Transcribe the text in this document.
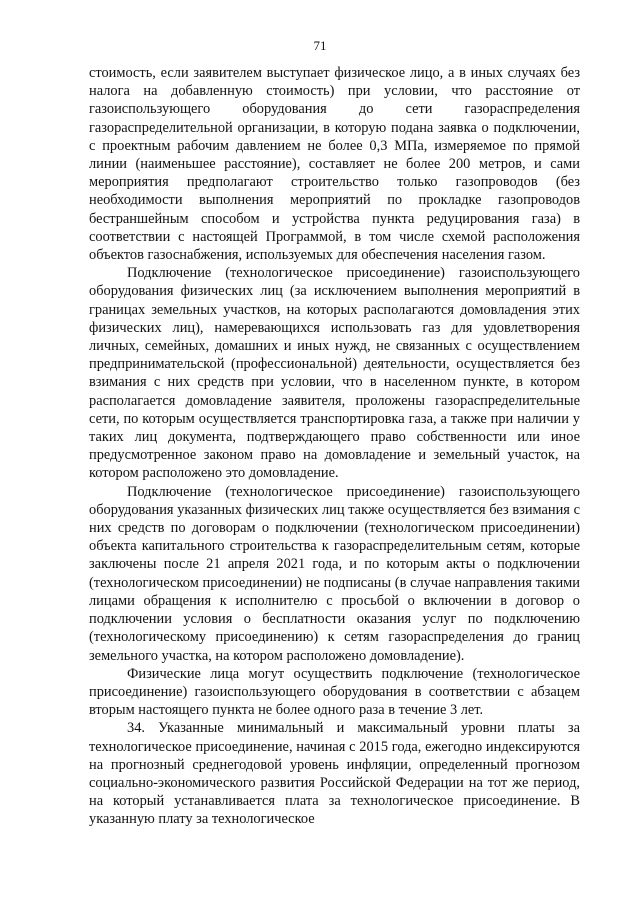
71

стоимость, если заявителем выступает физическое лицо, а в иных случаях без налога на добавленную стоимость) при условии, что расстояние от газоиспользующего оборудования до сети газораспределения газораспределительной организации, в которую подана заявка о подключении, с проектным рабочим давлением не более 0,3 МПа, измеряемое по прямой линии (наименьшее расстояние), составляет не более 200 метров, и сами мероприятия предполагают строительство только газопроводов (без необходимости выполнения мероприятий по прокладке газопроводов бестраншейным способом и устройства пункта редуцирования газа) в соответствии с настоящей Программой, в том числе схемой расположения объектов газоснабжения, используемых для обеспечения населения газом.

Подключение (технологическое присоединение) газоиспользующего оборудования физических лиц (за исключением выполнения мероприятий в границах земельных участков, на которых располагаются домовладения этих физических лиц), намеревающихся использовать газ для удовлетворения личных, семейных, домашних и иных нужд, не связанных с осуществлением предпринимательской (профессиональной) деятельности, осуществляется без взимания с них средств при условии, что в населенном пункте, в котором располагается домовладение заявителя, проложены газораспределительные сети, по которым осуществляется транспортировка газа, а также при наличии у таких лиц документа, подтверждающего право собственности или иное предусмотренное законом право на домовладение и земельный участок, на котором расположено это домовладение.

Подключение (технологическое присоединение) газоиспользующего оборудования указанных физических лиц также осуществляется без взимания с них средств по договорам о подключении (технологическом присоединении) объекта капитального строительства к газораспределительным сетям, которые заключены после 21 апреля 2021 года, и по которым акты о подключении (технологическом присоединении) не подписаны (в случае направления такими лицами обращения к исполнителю с просьбой о включении в договор о подключении условия о бесплатности оказания услуг по подключению (технологическому присоединению) к сетям газораспределения до границ земельного участка, на котором расположено домовладение).

Физические лица могут осуществить подключение (технологическое присоединение) газоиспользующего оборудования в соответствии с абзацем вторым настоящего пункта не более одного раза в течение 3 лет.

34. Указанные минимальный и максимальный уровни платы за технологическое присоединение, начиная с 2015 года, ежегодно индексируются на прогнозный среднегодовой уровень инфляции, определенный прогнозом социально-экономического развития Российской Федерации на тот же период, на который устанавливается плата за технологическое присоединение. В указанную плату за технологическое
